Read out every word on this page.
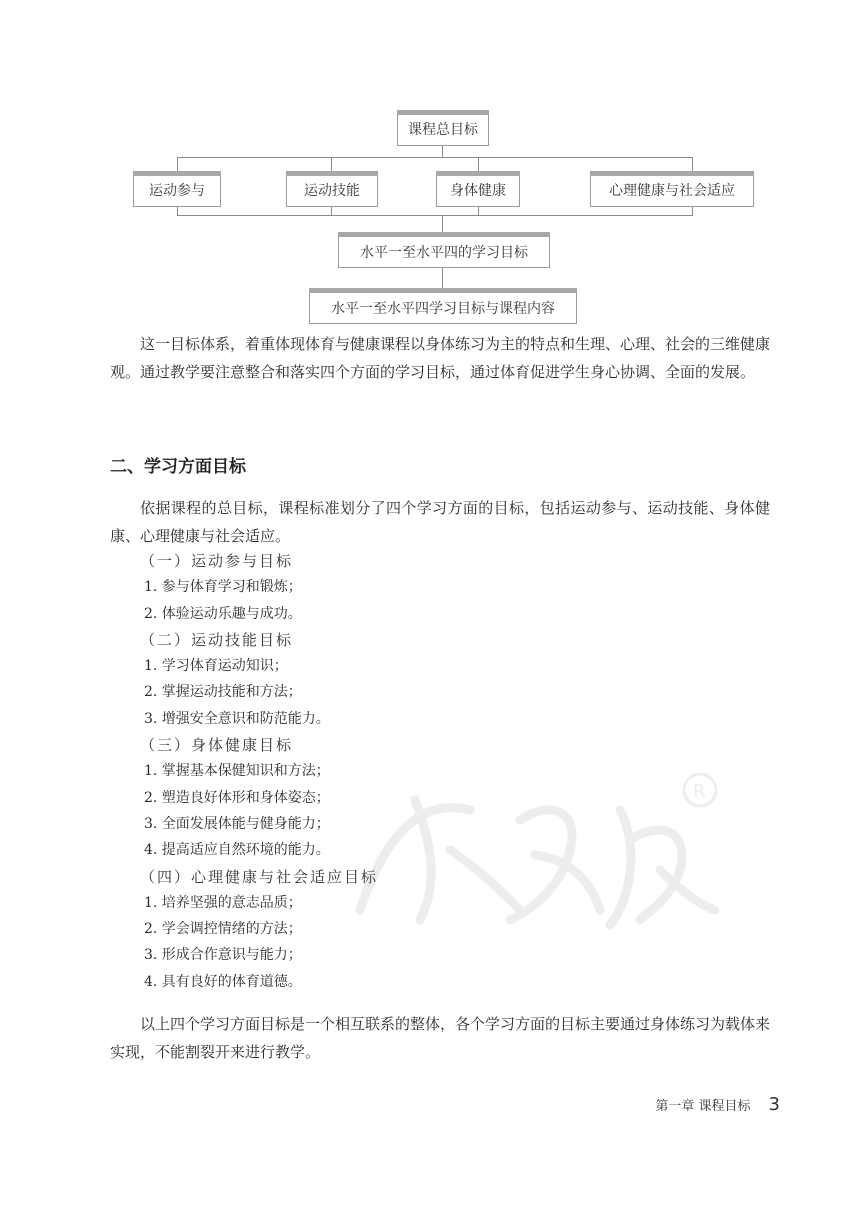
课程总目标
运动参与	运动技能	身体健康	心理健康与社会适应
水平一至水平四的学习目标
水平一至水平四学习目标与课程内容
这一目标体系，着重体现体育与健康课程以身体练习为主的特点和生理、心理、社会的三维健康观。通过教学要注意整合和落实四个方面的学习目标，通过体育促进学生身心协调、全面的发展。
二、学习方面目标
依据课程的总目标，课程标准划分了四个学习方面的目标，包括运动参与、运动技能、身体健康、心理健康与社会适应。
（一）运动参与目标
1. 参与体育学习和锻炼；
2. 体验运动乐趣与成功。
（二）运动技能目标
1. 学习体育运动知识；
2. 掌握运动技能和方法；
3. 增强安全意识和防范能力。
（三）身体健康目标
1. 掌握基本保健知识和方法；
2. 塑造良好体形和身体姿态；
3. 全面发展体能与健身能力；
4. 提高适应自然环境的能力。
（四）心理健康与社会适应目标
1. 培养坚强的意志品质；
2. 学会调控情绪的方法；
3. 形成合作意识与能力；
4. 具有良好的体育道德。
以上四个学习方面目标是一个相互联系的整体，各个学习方面的目标主要通过身体练习为载体来实现，不能割裂开来进行教学。
R
第一章 课程目标 3
